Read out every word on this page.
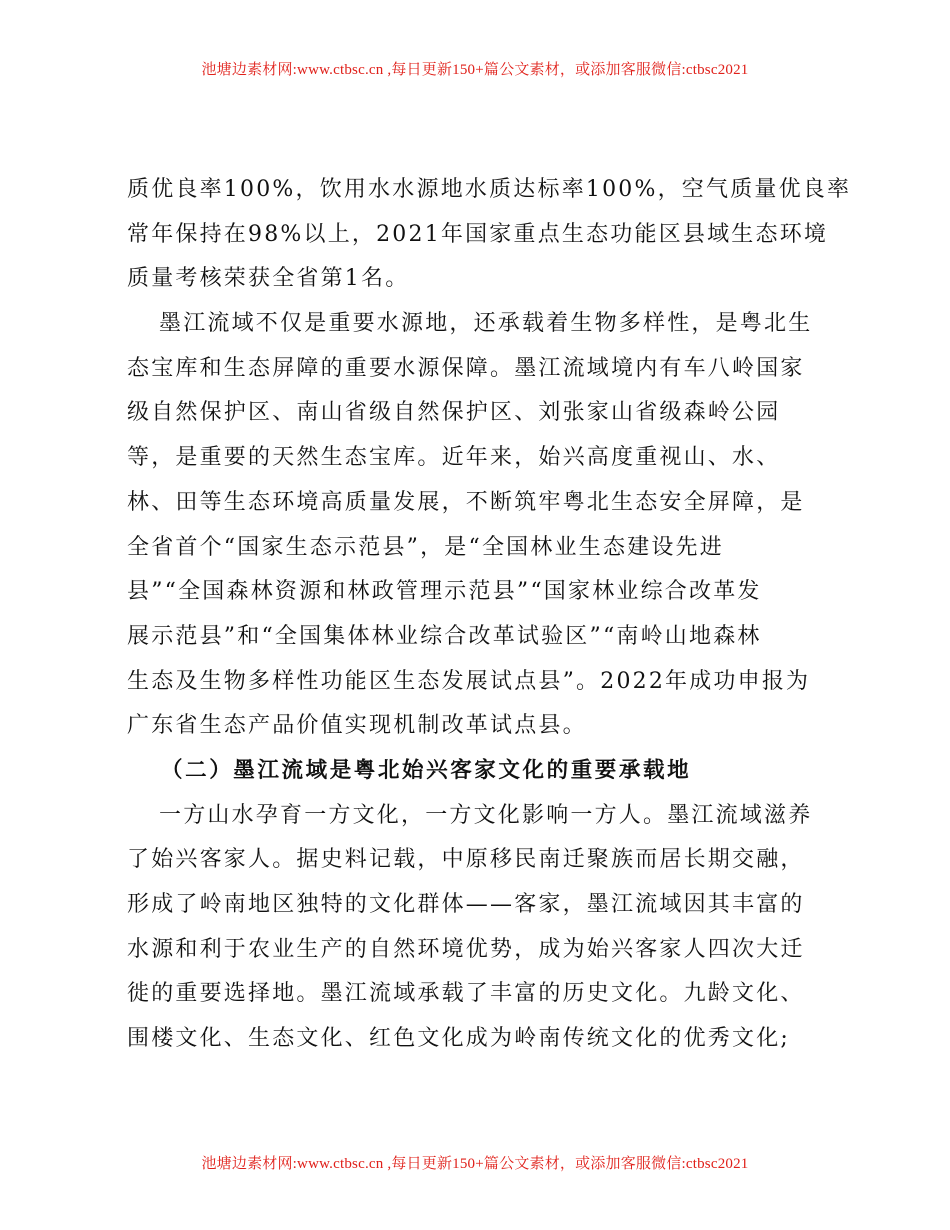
池塘边素材网:www.ctbsc.cn ,每日更新150+篇公文素材，或添加客服微信:ctbsc2021
质优良率100%，饮用水水源地水质达标率100%，空气质量优良率
常年保持在98%以上，2021年国家重点生态功能区县域生态环境
质量考核荣获全省第1名。
墨江流域不仅是重要水源地，还承载着生物多样性，是粤北生
态宝库和生态屏障的重要水源保障。墨江流域境内有车八岭国家
级自然保护区、南山省级自然保护区、刘张家山省级森岭公园
等，是重要的天然生态宝库。近年来，始兴高度重视山、水、
林、田等生态环境高质量发展，不断筑牢粤北生态安全屏障，是
全省首个“国家生态示范县”，是“全国林业生态建设先进
县”“全国森林资源和林政管理示范县”“国家林业综合改革发
展示范县”和“全国集体林业综合改革试验区”“南岭山地森林
生态及生物多样性功能区生态发展试点县”。2022年成功申报为
广东省生态产品价值实现机制改革试点县。
（二）墨江流域是粤北始兴客家文化的重要承载地
一方山水孕育一方文化，一方文化影响一方人。墨江流域滋养
了始兴客家人。据史料记载，中原移民南迁聚族而居长期交融，
形成了岭南地区独特的文化群体——客家，墨江流域因其丰富的
水源和利于农业生产的自然环境优势，成为始兴客家人四次大迁
徙的重要选择地。墨江流域承载了丰富的历史文化。九龄文化、
围楼文化、生态文化、红色文化成为岭南传统文化的优秀文化;
池塘边素材网:www.ctbsc.cn ,每日更新150+篇公文素材，或添加客服微信:ctbsc2021
